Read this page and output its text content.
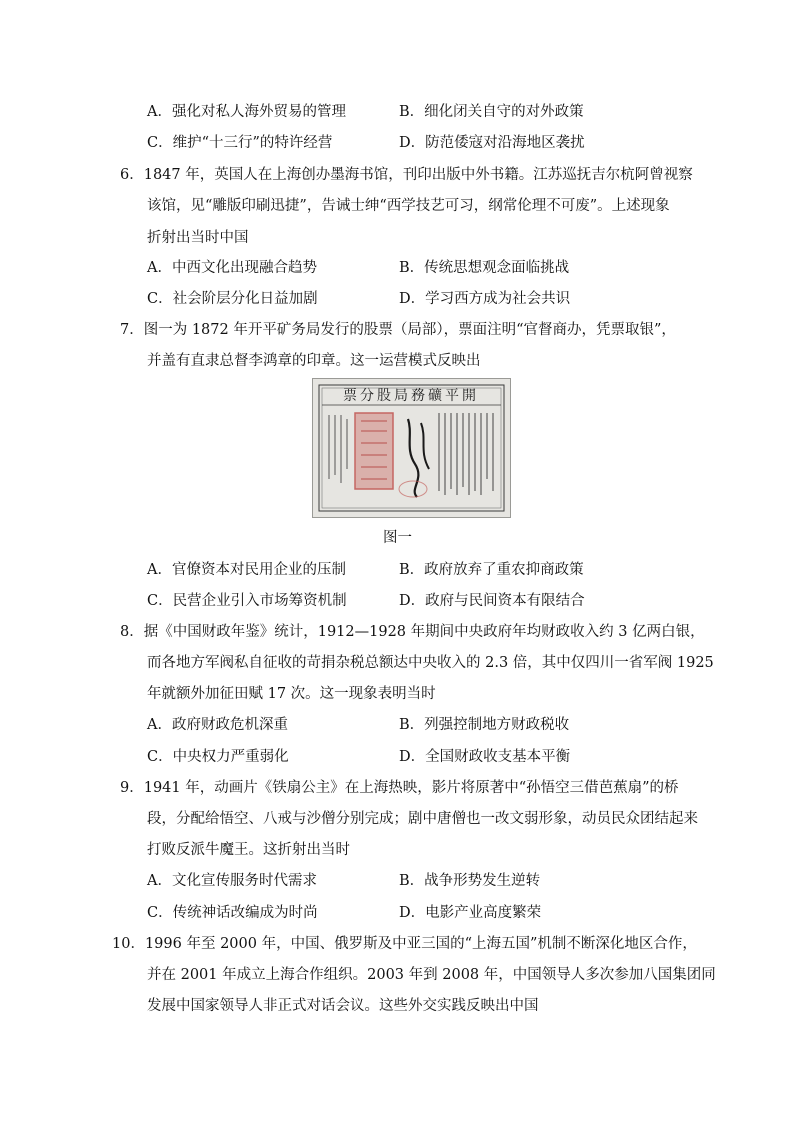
A．强化对私人海外贸易的管理	B．细化闭关自守的对外政策
C．维护“十三行”的特许经营	D．防范倭寇对沿海地区袭扰
6．1847 年，英国人在上海创办墨海书馆，刊印出版中外书籍。江苏巡抚吉尔杭阿曾视察
该馆，见“雕版印刷迅捷”，告诫士绅“西学技艺可习，纲常伦理不可废”。上述现象
折射出当时中国
A．中西文化出现融合趋势	B．传统思想观念面临挑战
C．社会阶层分化日益加剧	D．学习西方成为社会共识
7．图一为 1872 年开平矿务局发行的股票（局部），票面注明“官督商办，凭票取银”，
并盖有直隶总督李鸿章的印章。这一运营模式反映出
票分股局務礦平開
图一
A．官僚资本对民用企业的压制	B．政府放弃了重农抑商政策
C．民营企业引入市场筹资机制	D．政府与民间资本有限结合
8．据《中国财政年鉴》统计，1912—1928 年期间中央政府年均财政收入约 3 亿两白银，
而各地方军阀私自征收的苛捐杂税总额达中央收入的 2.3 倍，其中仅四川一省军阀 1925
年就额外加征田赋 17 次。这一现象表明当时
A．政府财政危机深重	B．列强控制地方财政税收
C．中央权力严重弱化	D．全国财政收支基本平衡
9．1941 年，动画片《铁扇公主》在上海热映，影片将原著中“孙悟空三借芭蕉扇”的桥
段，分配给悟空、八戒与沙僧分别完成；剧中唐僧也一改文弱形象，动员民众团结起来
打败反派牛魔王。这折射出当时
A．文化宣传服务时代需求	B．战争形势发生逆转
C．传统神话改编成为时尚	D．电影产业高度繁荣
10．1996 年至 2000 年，中国、俄罗斯及中亚三国的“上海五国”机制不断深化地区合作，
并在 2001 年成立上海合作组织。2003 年到 2008 年，中国领导人多次参加八国集团同
发展中国家领导人非正式对话会议。这些外交实践反映出中国
